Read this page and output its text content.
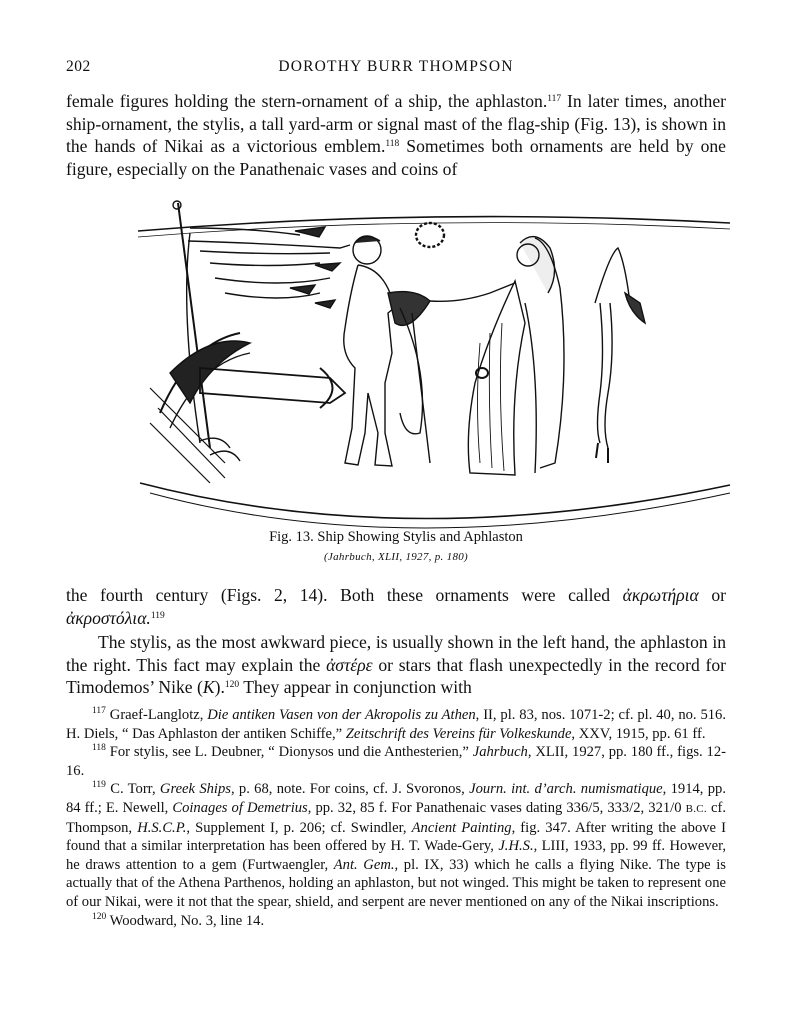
202	DOROTHY BURR THOMPSON

female figures holding the stern-ornament of a ship, the aphlaston.$^{117}$ In later times, another ship-ornament, the stylis, a tall yard-arm or signal mast of the flag-ship (Fig. 13), is shown in the hands of Nikai as a victorious emblem.$^{118}$ Sometimes both ornaments are held by one figure, especially on the Panathenaic vases and coins of

Fig. 13. Ship Showing Stylis and Aphlaston
(Jahrbuch, XLII, 1927, p. 180)

the fourth century (Figs. 2, 14). Both these ornaments were called ἀκρωτήρια or ἀκροστόλια.$^{119}$

The stylis, as the most awkward piece, is usually shown in the left hand, the aphlaston in the right. This fact may explain the ἀστέρε or stars that flash unexpectedly in the record for Timodemos’ Nike (K).$^{120}$ They appear in conjunction with

$^{117}$ Graef-Langlotz, Die antiken Vasen von der Akropolis zu Athen, II, pl. 83, nos. 1071-2; cf. pl. 40, no. 516. H. Diels, “ Das Aphlaston der antiken Schiffe,” Zeitschrift des Vereins für Volkeskunde, XXV, 1915, pp. 61 ff.

$^{118}$ For stylis, see L. Deubner, “ Dionysos und die Anthesterien,” Jahrbuch, XLII, 1927, pp. 180 ff., figs. 12-16.

$^{119}$ C. Torr, Greek Ships, p. 68, note. For coins, cf. J. Svoronos, Journ. int. d’arch. numismatique, 1914, pp. 84 ff.; E. Newell, Coinages of Demetrius, pp. 32, 85 f. For Panathenaic vases dating 336/5, 333/2, 321/0 B.C. cf. Thompson, H.S.C.P., Supplement I, p. 206; cf. Swindler, Ancient Painting, fig. 347. After writing the above I found that a similar interpretation has been offered by H. T. Wade-Gery, J.H.S., LIII, 1933, pp. 99 ff. However, he draws attention to a gem (Furtwaengler, Ant. Gem., pl. IX, 33) which he calls a flying Nike. The type is actually that of the Athena Parthenos, holding an aphlaston, but not winged. This might be taken to represent one of our Nikai, were it not that the spear, shield, and serpent are never mentioned on any of the Nikai inscriptions.

$^{120}$ Woodward, No. 3, line 14.
